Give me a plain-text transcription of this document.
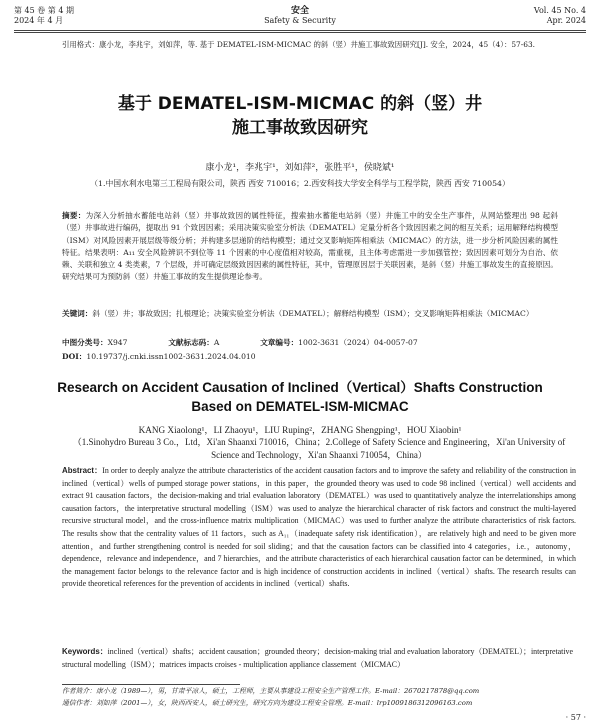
第 45 卷 第 4 期
2024 年 4 月
安全
Safety & Security
Vol. 45 No. 4
Apr. 2024
引用格式：康小龙，李兆宇，刘如萍，等. 基于 DEMATEL-ISM-MICMAC 的斜（竖）井施工事故致因研究[J]. 安全，2024，45（4）：57-63.
基于 DEMATEL-ISM-MICMAC 的斜（竖）井
施工事故致因研究
康小龙¹，李兆宇¹，刘如萍²，张胜平¹，侯晓斌¹
（1.中国水利水电第三工程局有限公司，陕西 西安 710016；2.西安科技大学安全科学与工程学院，陕西 西安 710054）
摘要：为深入分析抽水蓄能电站斜（竖）井事故致因的属性特征，搜索抽水蓄能电站斜（竖）井施工中的安全生产事件，从网站整理出 98 起斜（竖）井事故进行编码，提取出 91 个致因因素；采用决策实验室分析法（DEMATEL）定量分析各个致因因素之间的相互关系；运用解释结构模型（ISM）对风险因素开展层级等级分析；并构建多层递阶的结构模型；通过交叉影响矩阵相乘法（MICMAC）的方法，进一步分析风险因素的属性特征。结果表明：A₁₁ 安全风险辨识不到位等 11 个因素的中心度值相对较高，需重视，且主体考虑需进一步加强管控；致因因素可划分为自治、依赖、关联和独立 4 类类素，7 个层级，并可确定层级致因因素的属性特征，其中，管理原因层于关联因素，是斜（竖）井施工事故发生的直接原因。研究结果可为预防斜（竖）井施工事故的发生提供理论参考。
关键词：斜（竖）井；事故致因；扎根理论；决策实验室分析法（DEMATEL）；解释结构模型（ISM）；交叉影响矩阵相乘法（MICMAC）
中图分类号：X947	文献标志码：A	文章编号：1002-3631（2024）04-0057-07
DOI：10.19737/j.cnki.issn1002-3631.2024.04.010
Research on Accident Causation of Inclined（Vertical）Shafts Construction
Based on DEMATEL-ISM-MICMAC
KANG Xiaolong¹，LI Zhaoyu¹，LIU Ruping²，ZHANG Shengping¹，HOU Xiaobin¹
（1.Sinohydro Bureau 3 Co.，Ltd，Xi'an Shaanxi 710016，China；2.College of Safety Science and Engineering，Xi'an University of Science and Technology，Xi'an Shaanxi 710054，China）
Abstract：In order to deeply analyze the attribute characteristics of the accident causation factors and to improve the safety and reliability of the construction in inclined（vertical）wells of pumped storage power stations，in this paper，the grounded theory was used to code 98 inclined（vertical）well accidents and extract 91 causation factors，the decision-making and trial evaluation laboratory（DEMATEL）was used to quantitatively analyze the interrelationships among causation factors，the interpretative structural modelling（ISM）was used to analyze the hierarchical character of risk factors and construct the multi-layered recursive structural model，and the cross-influence matrix multiplication（MICMAC）was used to further analyze the attribute characteristics of risk factors. The results show that the centrality values of 11 factors，such as A₁₁（inadequate safety risk identification），are relatively high and need to be given more attention，and further strengthening control is needed for soil sliding；and that the causation factors can be classified into 4 categories，i.e.，autonomy，dependence，relevance and independence，and 7 hierarchies，and the attribute characteristics of each hierarchical causation factor can be determined，in which the management factor belongs to the relevance factor and is high incidence of construction accidents in inclined（vertical）shafts. The research results can provide theoretical references for the prevention of accidents in inclined（vertical）shafts.
Keywords：inclined（vertical）shafts；accident causation；grounded theory；decision-making trial and evaluation laboratory（DEMATEL）；interpretative structural modelling（ISM）；matrices impacts croises - multiplication appliance classement（MICMAC）
作者简介：康小龙（1989—），男，甘肃平凉人，硕士，工程师，主要从事建设工程安全生产管理工作。E-mail：2670217878@qq.com
通信作者：刘如萍（2001—），女，陕西西安人，硕士研究生，研究方向为建设工程安全管理。E-mail：lrp1009186312096163.com
· 57 ·
